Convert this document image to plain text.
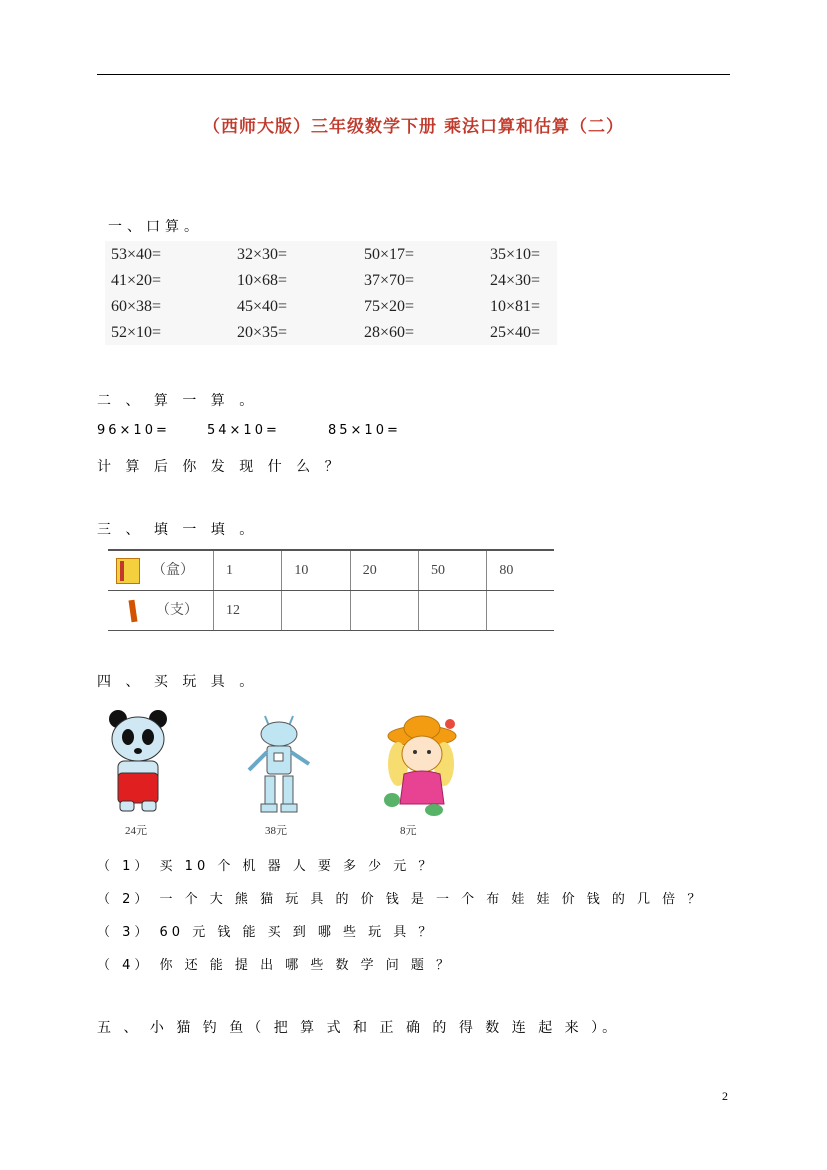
（西师大版）三年级数学下册 乘法口算和估算（二）
一、口算。
53×40=	32×30=	50×17=	35×10=
41×20=	10×68=	37×70=	24×30=
60×38=	45×40=	75×20=	10×81=
52×10=	20×35=	28×60=	25×40=
二 、 算 一 算 。
96×10=	54×10=	85×10=
计 算 后 你 发 现 什 么 ？
三 、 填 一 填 。
（盒）	1	10	20	50	80
（支）	12				
四 、 买 玩 具 。
24元	38元	8元
（ 1） 买 10 个 机 器 人 要 多 少 元 ？
（ 2） 一 个 大 熊 猫 玩 具 的 价 钱 是 一 个 布 娃 娃 价 钱 的 几 倍 ？
（ 3） 60 元 钱 能 买 到 哪 些 玩 具 ？
（ 4） 你 还 能 提 出 哪 些 数 学 问 题 ？
五 、 小 猫 钓 鱼（ 把 算 式 和 正 确 的 得 数 连 起 来 ）。
2
